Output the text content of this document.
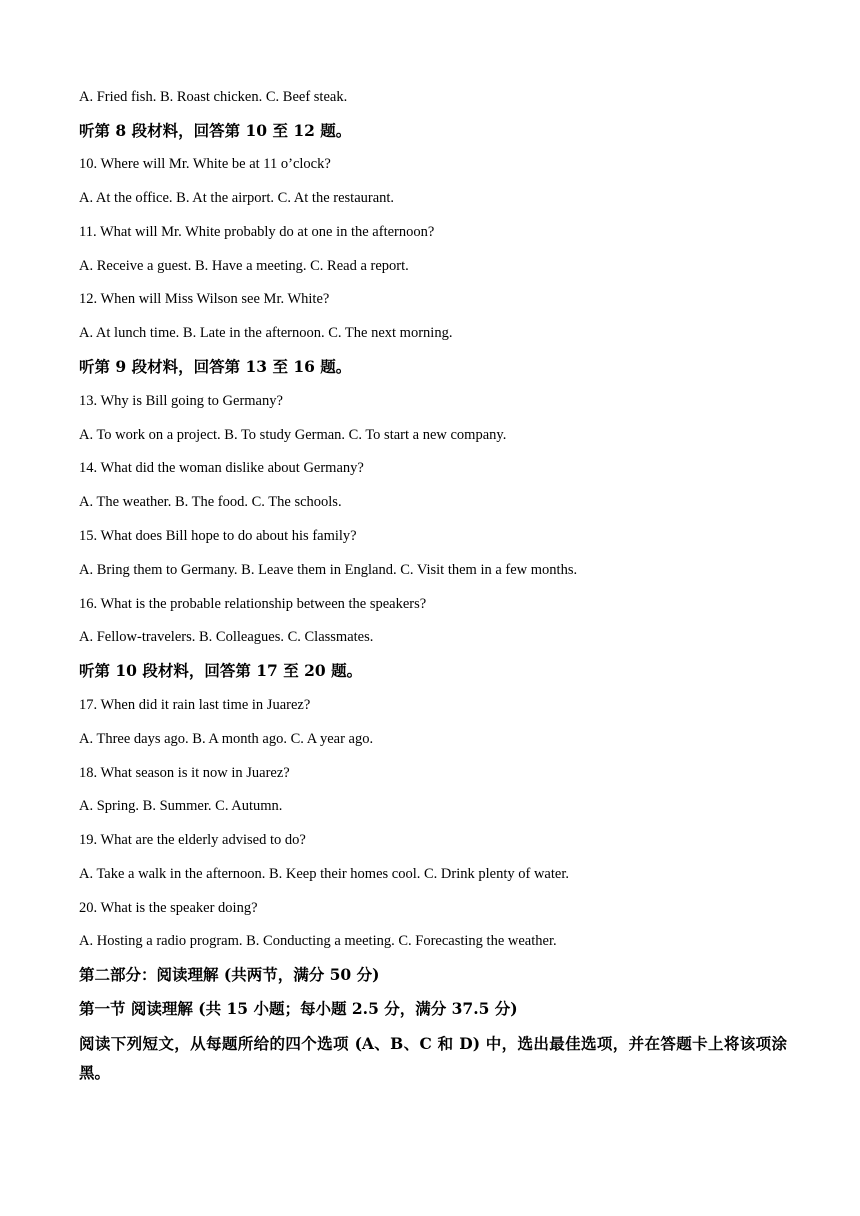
A. Fried fish. B. Roast chicken. C. Beef steak.
听第 8 段材料，回答第 10 至 12 题。
10. Where will Mr. White be at 11 o’clock?
A. At the office. B. At the airport. C. At the restaurant.
11. What will Mr. White probably do at one in the afternoon?
A. Receive a guest. B. Have a meeting. C. Read a report.
12. When will Miss Wilson see Mr. White?
A. At lunch time. B. Late in the afternoon. C. The next morning.
听第 9 段材料，回答第 13 至 16 题。
13. Why is Bill going to Germany?
A. To work on a project. B. To study German. C. To start a new company.
14. What did the woman dislike about Germany?
A. The weather. B. The food. C. The schools.
15. What does Bill hope to do about his family?
A. Bring them to Germany. B. Leave them in England. C. Visit them in a few months.
16. What is the probable relationship between the speakers?
A. Fellow-travelers. B. Colleagues. C. Classmates.
听第 10 段材料，回答第 17 至 20 题。
17. When did it rain last time in Juarez?
A. Three days ago. B. A month ago. C. A year ago.
18. What season is it now in Juarez?
A. Spring. B. Summer. C. Autumn.
19. What are the elderly advised to do?
A. Take a walk in the afternoon. B. Keep their homes cool. C. Drink plenty of water.
20. What is the speaker doing?
A. Hosting a radio program. B. Conducting a meeting. C. Forecasting the weather.
第二部分：阅读理解 (共两节，满分 50 分)
第一节 阅读理解 (共 15 小题；每小题 2.5 分，满分 37.5 分)
阅读下列短文，从每题所给的四个选项 (A、B、C 和 D) 中，选出最佳选项，并在答题卡上将该项涂黑。
